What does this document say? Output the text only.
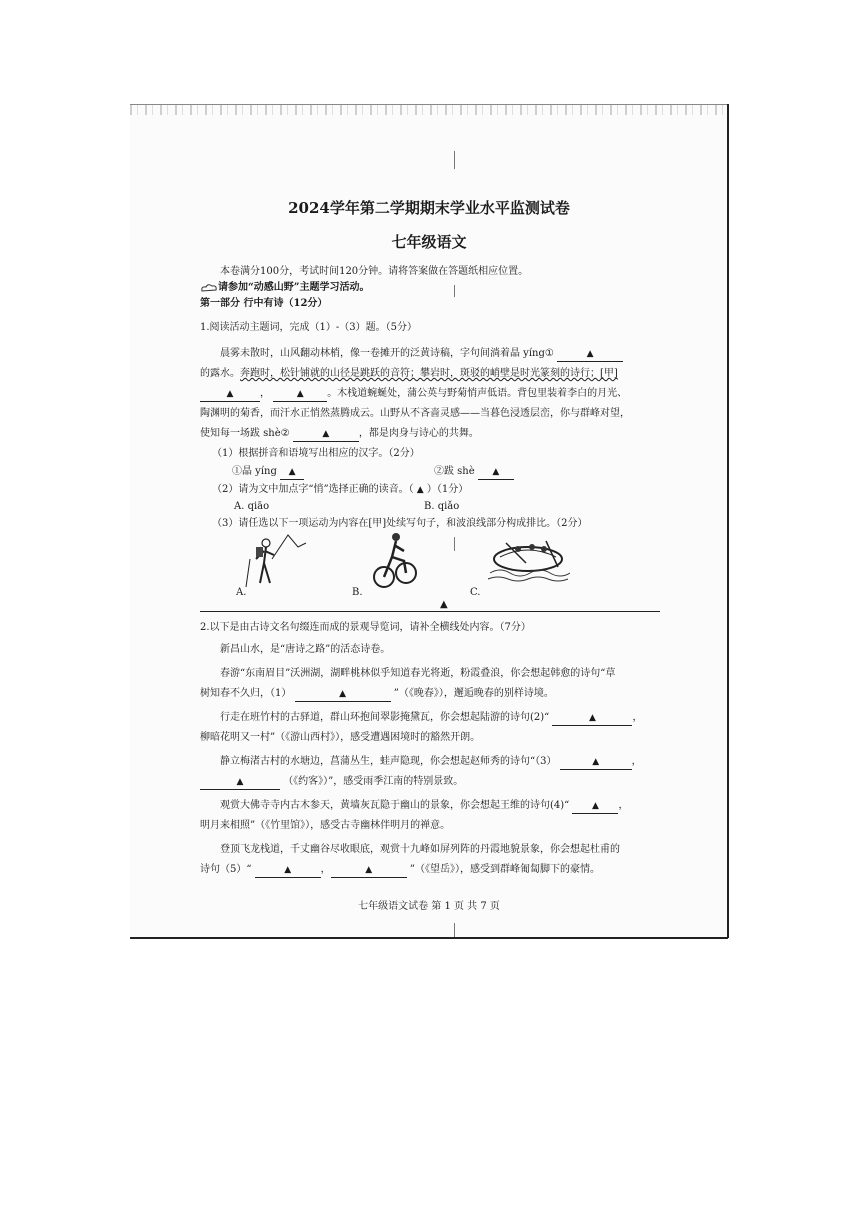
2024学年第二学期期末学业水平监测试卷
七年级语文
本卷满分100分，考试时间120分钟。请将答案做在答题纸相应位置。
请参加“动感山野”主题学习活动。
第一部分 行中有诗（12分）
1.阅读活动主题词，完成（1）-（3）题。（5分）
晨雾未散时，山风翻动林梢，像一卷摊开的泛黄诗稿，字句间淌着晶 yíng①	▲
的露水。奔跑时，松针铺就的山径是跳跃的音符；攀岩时，斑驳的峭壁是时光篆刻的诗行；[甲]
▲	，	▲ 。木栈道蜿蜒处，蒲公英与野菊悄声低语。背包里装着李白的月光、
陶渊明的菊香，而汗水正悄然蒸腾成云。山野从不吝啬灵感——当暮色浸透层峦，你与群峰对望，
使知每一场跋 shè②	▲	，都是肉身与诗心的共舞。
（1）根据拼音和语境写出相应的汉字。（2分）
①晶 yíng ▲	②跋 shè ▲
（2）请为文中加点字“悄”选择正确的读音。（ ▲ ）（1分）
A. qiāo	B. qiǎo
（3）请任选以下一项运动为内容在[甲]处续写句子，和波浪线部分构成排比。（2分）
A.	B.	C.
▲
2.以下是由古诗文名句缀连而成的景观导览词，请补全横线处内容。（7分）
新昌山水，是“唐诗之路”的活态诗卷。
春游“东南眉目”沃洲湖，湖畔桃林似乎知道春光将逝，粉霞叠浪，你会想起韩愈的诗句“草
树知春不久归，（1）	▲	”（《晚春》），邂逅晚春的别样诗境。
行走在班竹村的古驿道，群山环抱间翠影掩黛瓦，你会想起陆游的诗句(2)“	▲	，
柳暗花明又一村”（《游山西村》），感受遭遇困境时的豁然开朗。
静立梅渚古村的水塘边，菖蒲丛生，蛙声隐现，你会想起赵师秀的诗句“（3）	▲	，
▲	（《约客》）”，感受雨季江南的特别景致。
观赏大佛寺寺内古木参天，黄墙灰瓦隐于幽山的景象，你会想起王维的诗句(4)“	▲ ，
明月来相照”（《竹里馆》），感受古寺幽林伴明月的禅意。
登顶飞龙栈道，千丈幽谷尽收眼底，观赏十九峰如屏列阵的丹霞地貌景象，你会想起杜甫的
诗句（5）“	▲	，	▲	”（《望岳》），感受到群峰匍匐脚下的豪情。
七年级语文试卷 第 1 页 共 7 页
